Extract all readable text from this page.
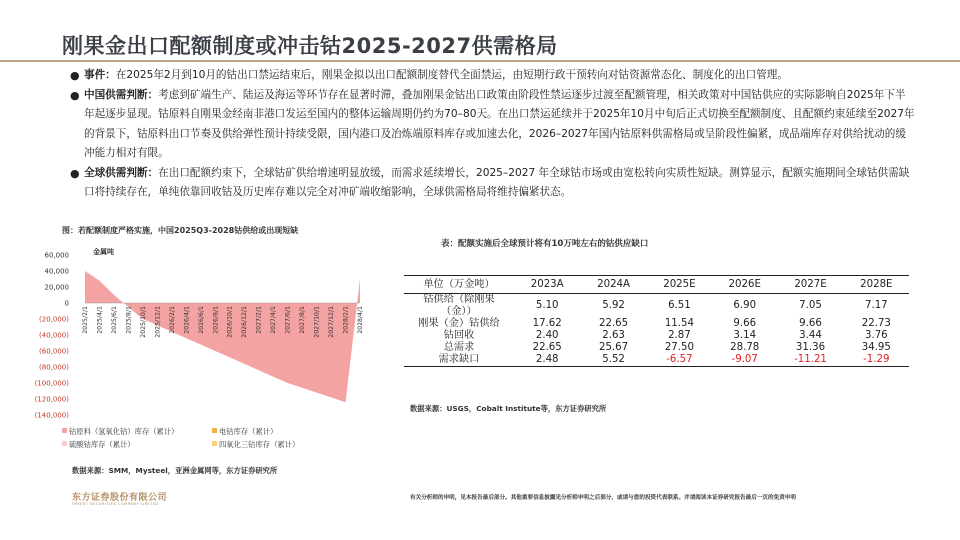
刚果金出口配额制度或冲击钴2025-2027供需格局
● 事件：在2025年2月到10月的钴出口禁运结束后，刚果金拟以出口配额制度替代全面禁运，由短期行政干预转向对钴资源常态化、制度化的出口管理。
● 中国供需判断：考虑到矿端生产、陆运及海运等环节存在显著时滞，叠加刚果金钴出口政策由阶段性禁运逐步过渡至配额管理，相关政策对中国钴供应的实际影响自2025年下半年起逐步显现。钴原料自刚果金经南非港口发运至国内的整体运输周期仍约为70–80天。在出口禁运延续并于2025年10月中旬后正式切换至配额制度、且配额约束延续至2027年的背景下，钴原料出口节奏及供给弹性预计持续受限，国内港口及冶炼端原料库存或加速去化，2026–2027年国内钴原料供需格局或呈阶段性偏紧，成品端库存对供给扰动的缓冲能力相对有限。
● 全球供需判断：在出口配额约束下，全球钴矿供给增速明显放缓，而需求延续增长，2025–2027 年全球钴市场或由宽松转向实质性短缺。测算显示，配额实施期间全球钴供需缺口将持续存在，单纯依靠回收钴及历史库存难以完全对冲矿端收缩影响，全球供需格局将维持偏紧状态。
图：若配额制度严格实施，中国2025Q3-2028钴供给或出现短缺
金属吨
60,000
40,000
20,000
0
(20,000)
(40,000)
(60,000)
(80,000)
(100,000)
(120,000)
(140,000)
2025/2/1 2025/4/1 2025/6/1 2025/8/1 2025/10/1 2025/12/1 2026/2/1 2026/4/1 2026/6/1 2026/8/1 2026/10/1 2026/12/1 2027/2/1 2027/4/1 2027/6/1 2027/8/1 2027/10/1 2027/12/1 2028/2/1 2028/4/1
钴原料（氢氧化钴）库存（累计）	电钴库存（累计）
硫酸钴库存（累计）	四氧化三钴库存（累计）
数据来源：SMM，Mysteel，亚洲金属网等，东方证券研究所
表：配额实施后全球预计将有10万吨左右的钴供应缺口
单位（万金吨）	2023A	2024A	2025E	2026E	2027E	2028E
钴供给（除刚果
（金））	5.10	5.92	6.51	6.90	7.05	7.17
刚果（金）钴供给	17.62	22.65	11.54	9.66	9.66	22.73
钴回收	2.40	2.63	2.87	3.14	3.44	3.76
总需求	22.65	25.67	27.50	28.78	31.36	34.95
需求缺口	2.48	5.52	-6.57	-9.07	-11.21	-1.29
数据来源：USGS，Cobalt Institute等，东方证券研究所
东方证券股份有限公司
ORIENT SECURITIES COMPANY LIMITED
有关分析师的申明，见本报告最后部分。其他重要信息披露见分析师申明之后部分，或请与您的投资代表联系。并请阅读本证券研究报告最后一页的免责申明
